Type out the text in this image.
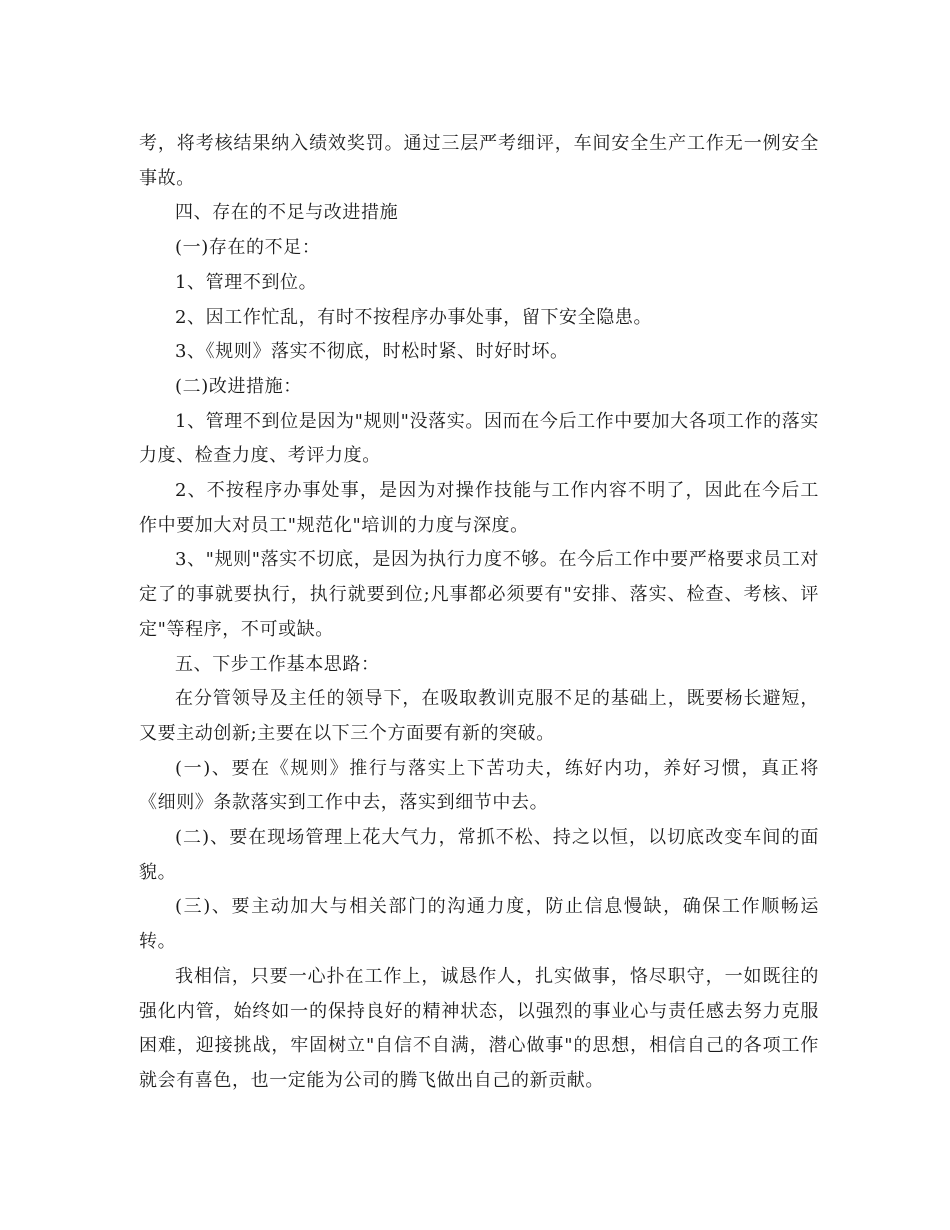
考，将考核结果纳入绩效奖罚。通过三层严考细评，车间安全生产工作无一例安全事故。

四、存在的不足与改进措施

(一)存在的不足：

1、管理不到位。

2、因工作忙乱，有时不按程序办事处事，留下安全隐患。

3、《规则》落实不彻底，时松时紧、时好时坏。

(二)改进措施：

1、管理不到位是因为"规则"没落实。因而在今后工作中要加大各项工作的落实力度、检查力度、考评力度。

2、不按程序办事处事，是因为对操作技能与工作内容不明了，因此在今后工作中要加大对员工"规范化"培训的力度与深度。

3、"规则"落实不切底，是因为执行力度不够。在今后工作中要严格要求员工对定了的事就要执行，执行就要到位;凡事都必须要有"安排、落实、检查、考核、评定"等程序，不可或缺。

五、下步工作基本思路：

在分管领导及主任的领导下，在吸取教训克服不足的基础上，既要杨长避短，又要主动创新;主要在以下三个方面要有新的突破。

(一)、要在《规则》推行与落实上下苦功夫，练好内功，养好习惯，真正将《细则》条款落实到工作中去，落实到细节中去。

(二)、要在现场管理上花大气力，常抓不松、持之以恒，以切底改变车间的面貌。

(三)、要主动加大与相关部门的沟通力度，防止信息慢缺，确保工作顺畅运转。

我相信，只要一心扑在工作上，诚恳作人，扎实做事，恪尽职守，一如既往的强化内管，始终如一的保持良好的精神状态，以强烈的事业心与责任感去努力克服困难，迎接挑战，牢固树立"自信不自满，潜心做事"的思想，相信自己的各项工作就会有喜色，也一定能为公司的腾飞做出自己的新贡献。
